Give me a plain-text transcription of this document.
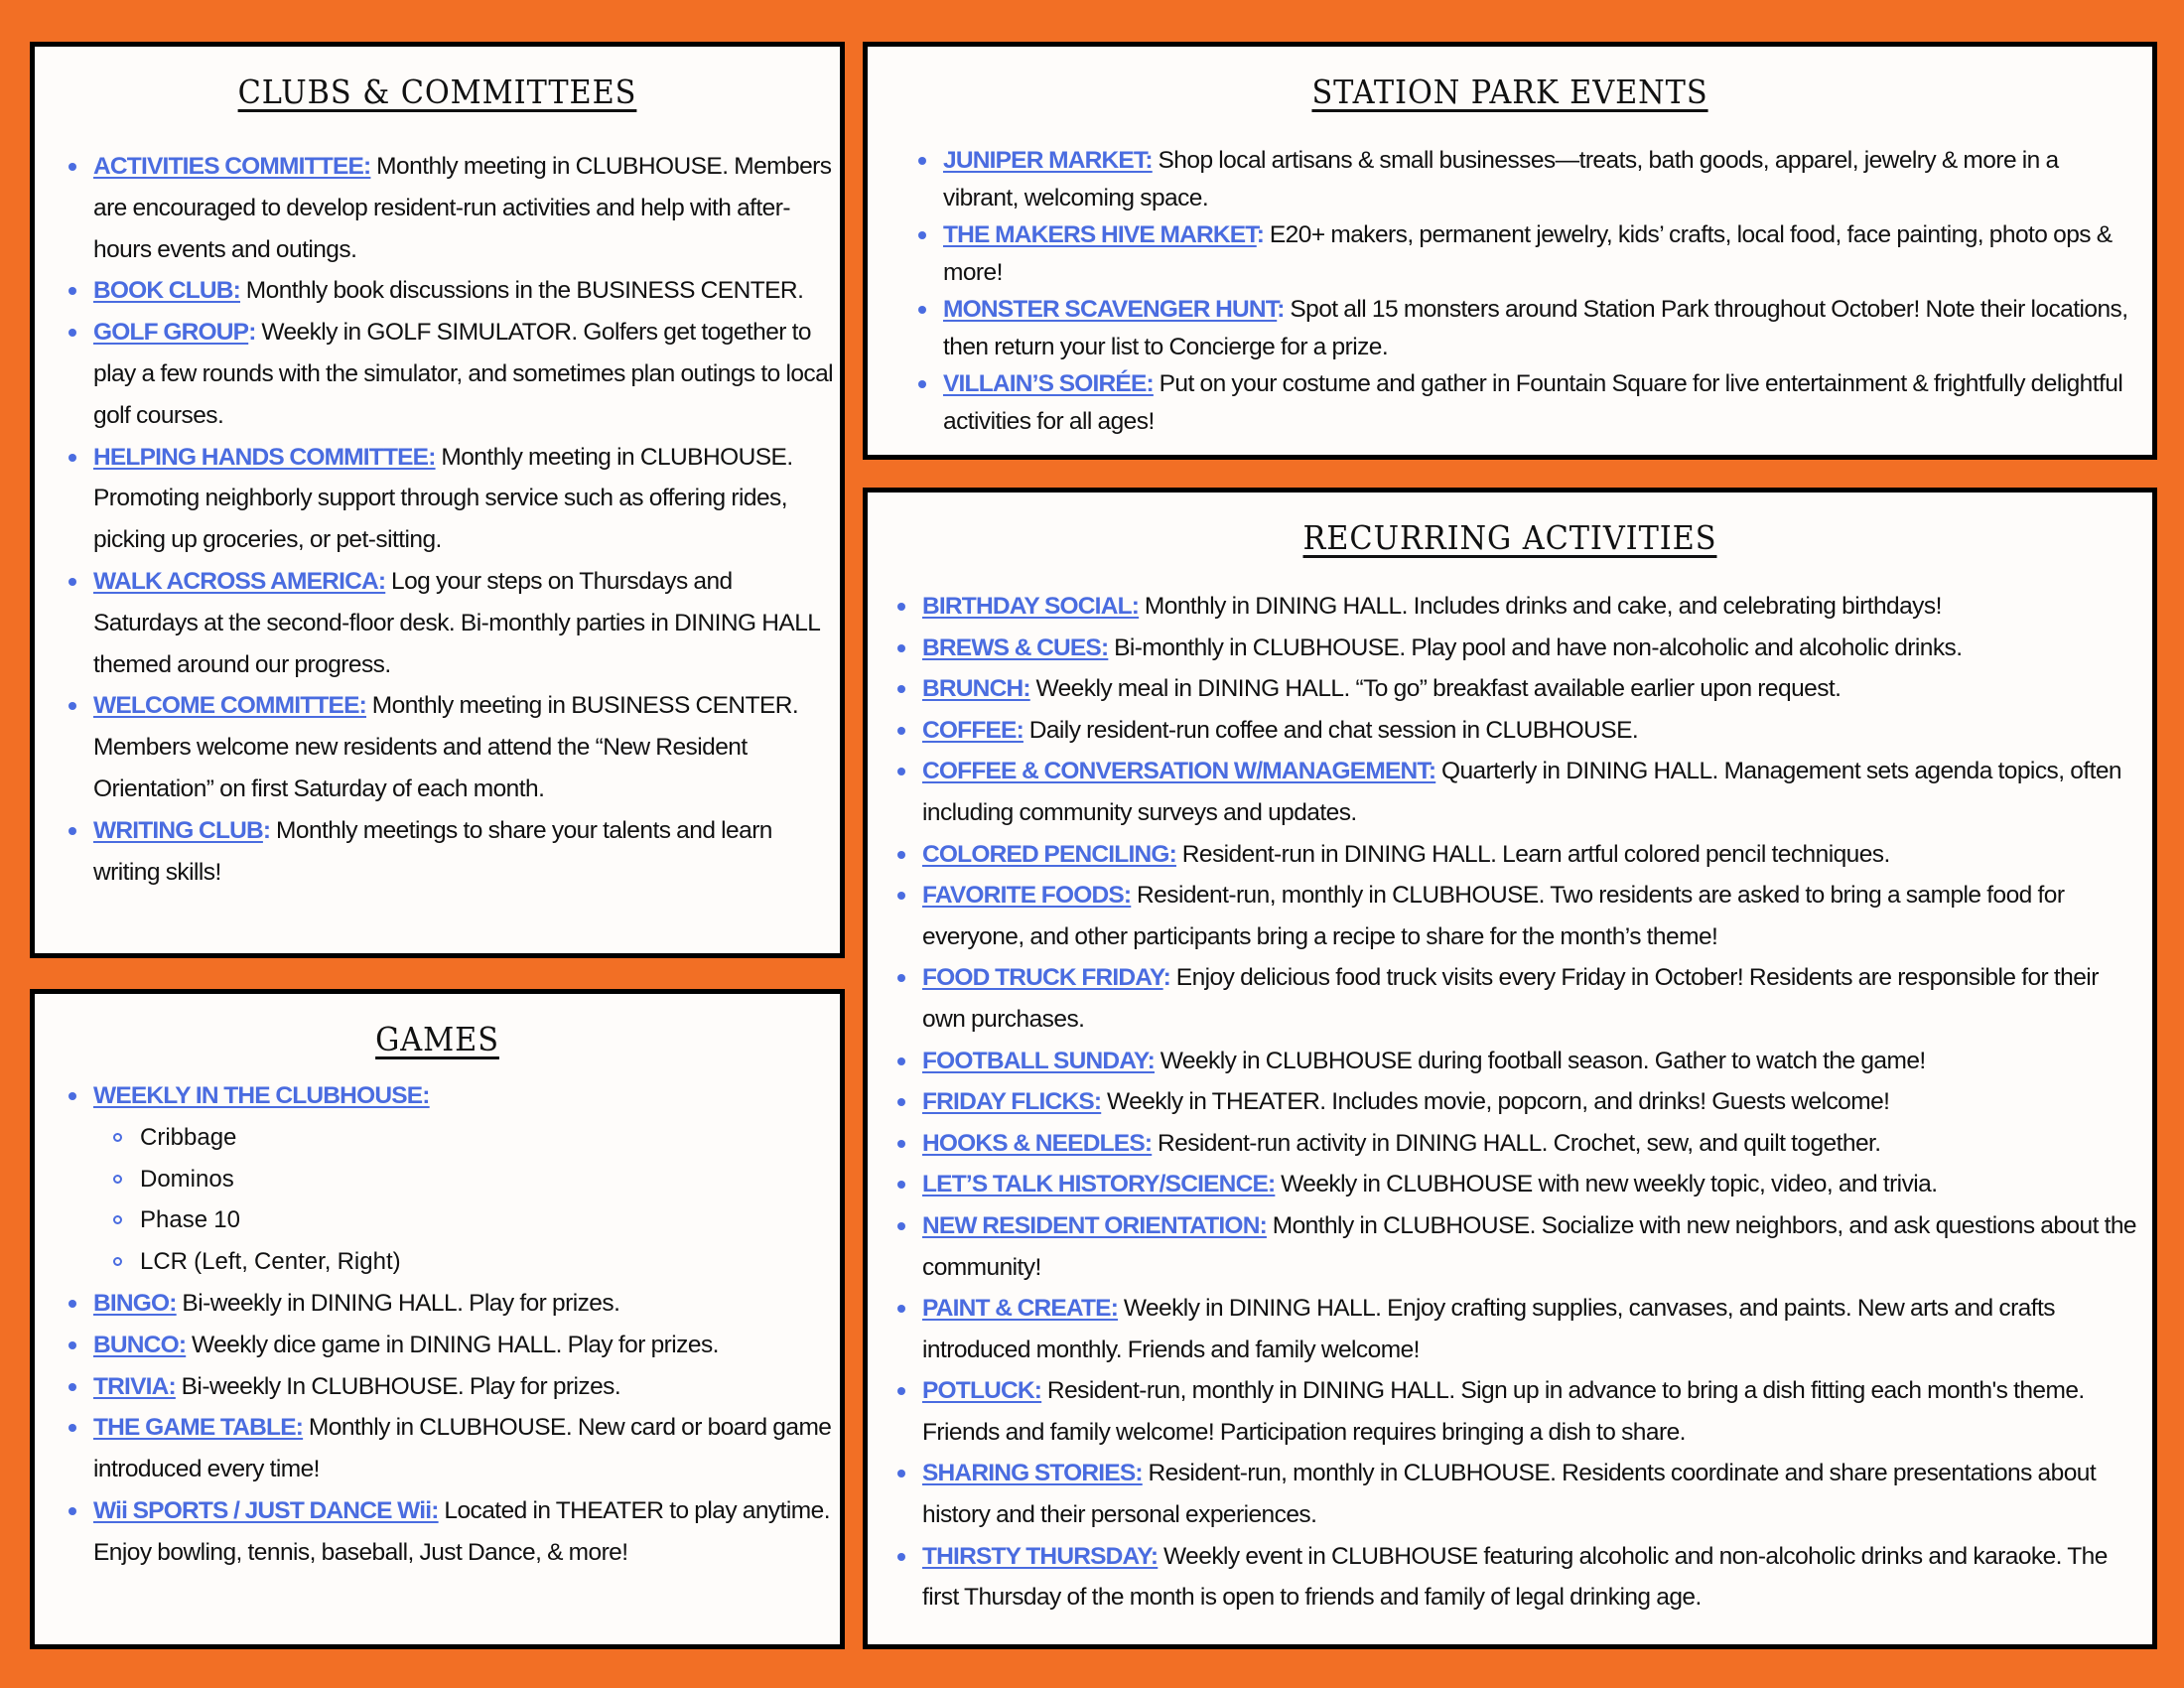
CLUBS & COMMITTEES
ACTIVITIES COMMITTEE: Monthly meeting in CLUBHOUSE. Members are encouraged to develop resident-run activities and help with after-hours events and outings.
BOOK CLUB: Monthly book discussions in the BUSINESS CENTER.
GOLF GROUP: Weekly in GOLF SIMULATOR. Golfers get together to play a few rounds with the simulator, and sometimes plan outings to local golf courses.
HELPING HANDS COMMITTEE: Monthly meeting in CLUBHOUSE. Promoting neighborly support through service such as offering rides, picking up groceries, or pet-sitting.
WALK ACROSS AMERICA: Log your steps on Thursdays and Saturdays at the second-floor desk. Bi-monthly parties in DINING HALL themed around our progress.
WELCOME COMMITTEE: Monthly meeting in BUSINESS CENTER. Members welcome new residents and attend the “New Resident Orientation” on first Saturday of each month.
WRITING CLUB: Monthly meetings to share your talents and learn writing skills!
GAMES
WEEKLY IN THE CLUBHOUSE:
Cribbage
Dominos
Phase 10
LCR (Left, Center, Right)
BINGO: Bi-weekly in DINING HALL. Play for prizes.
BUNCO: Weekly dice game in DINING HALL. Play for prizes.
TRIVIA: Bi-weekly In CLUBHOUSE. Play for prizes.
THE GAME TABLE: Monthly in CLUBHOUSE. New card or board game introduced every time!
Wii SPORTS / JUST DANCE Wii: Located in THEATER to play anytime. Enjoy bowling, tennis, baseball, Just Dance, & more!
STATION PARK EVENTS
JUNIPER MARKET: Shop local artisans & small businesses—treats, bath goods, apparel, jewelry & more in a vibrant, welcoming space.
THE MAKERS HIVE MARKET: E20+ makers, permanent jewelry, kids’ crafts, local food, face painting, photo ops & more!
MONSTER SCAVENGER HUNT: Spot all 15 monsters around Station Park throughout October! Note their locations, then return your list to Concierge for a prize.
VILLAIN’S SOIRÉE: Put on your costume and gather in Fountain Square for live entertainment & frightfully delightful activities for all ages!
RECURRING ACTIVITIES
BIRTHDAY SOCIAL: Monthly in DINING HALL. Includes drinks and cake, and celebrating birthdays!
BREWS & CUES: Bi-monthly in CLUBHOUSE. Play pool and have non-alcoholic and alcoholic drinks.
BRUNCH: Weekly meal in DINING HALL. “To go” breakfast available earlier upon request.
COFFEE: Daily resident-run coffee and chat session in CLUBHOUSE.
COFFEE & CONVERSATION W/MANAGEMENT: Quarterly in DINING HALL. Management sets agenda topics, often including community surveys and updates.
COLORED PENCILING: Resident-run in DINING HALL. Learn artful colored pencil techniques.
FAVORITE FOODS: Resident-run, monthly in CLUBHOUSE. Two residents are asked to bring a sample food for everyone, and other participants bring a recipe to share for the month’s theme!
FOOD TRUCK FRIDAY: Enjoy delicious food truck visits every Friday in October! Residents are responsible for their own purchases.
FOOTBALL SUNDAY: Weekly in CLUBHOUSE during football season. Gather to watch the game!
FRIDAY FLICKS: Weekly in THEATER. Includes movie, popcorn, and drinks! Guests welcome!
HOOKS & NEEDLES: Resident-run activity in DINING HALL. Crochet, sew, and quilt together.
LET’S TALK HISTORY/SCIENCE: Weekly in CLUBHOUSE with new weekly topic, video, and trivia.
NEW RESIDENT ORIENTATION: Monthly in CLUBHOUSE. Socialize with new neighbors, and ask questions about the community!
PAINT & CREATE: Weekly in DINING HALL. Enjoy crafting supplies, canvases, and paints. New arts and crafts introduced monthly. Friends and family welcome!
POTLUCK: Resident-run, monthly in DINING HALL. Sign up in advance to bring a dish fitting each month's theme. Friends and family welcome! Participation requires bringing a dish to share.
SHARING STORIES: Resident-run, monthly in CLUBHOUSE. Residents coordinate and share presentations about history and their personal experiences.
THIRSTY THURSDAY: Weekly event in CLUBHOUSE featuring alcoholic and non-alcoholic drinks and karaoke. The first Thursday of the month is open to friends and family of legal drinking age.
